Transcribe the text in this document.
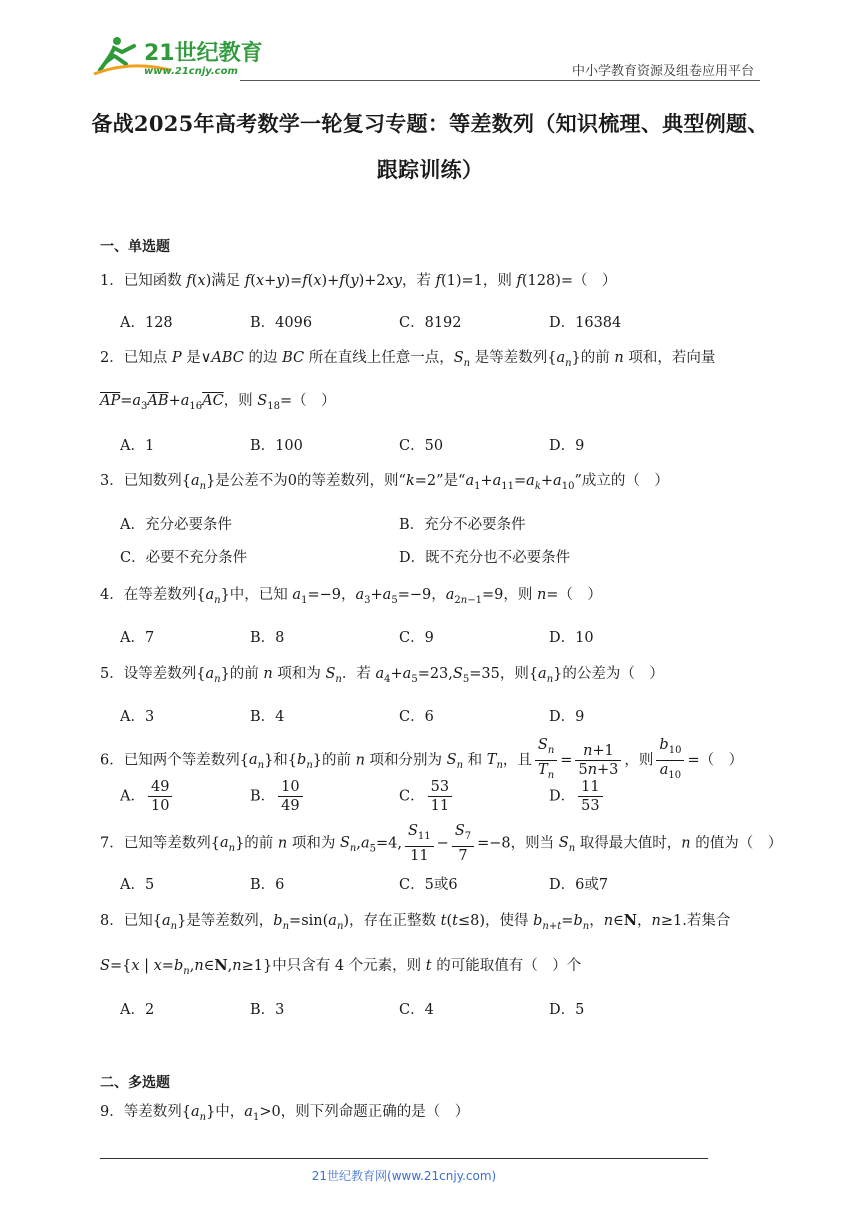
21世纪教育
www.21cnjy.com	中小学教育资源及组卷应用平台
备战2025年高考数学一轮复习专题：等差数列（知识梳理、典型例题、
跟踪训练）
一、单选题
1．已知函数 f(x)满足 f(x+y)=f(x)+f(y)+2xy，若 f(1)=1，则 f(128)=（　）
A．128	B．4096	C．8192	D．16384
2．已知点 P 是∨ABC 的边 BC 所在直线上任意一点，$S_n$ 是等差数列$\{a_n\}$的前 n 项和，若向量
$\overline{AP}=a_3\overline{AB}+a_{16}\overline{AC}$，则 $S_{18}=$（　）
A．1	B．100	C．50	D．9
3．已知数列$\{a_n\}$是公差不为0的等差数列，则“k=2”是“$a_1+a_{11}=a_k+a_{10}$”成立的（　）
A．充分必要条件	B．充分不必要条件
C．必要不充分条件	D．既不充分也不必要条件
4．在等差数列$\{a_n\}$中，已知 $a_1=-9$，$a_3+a_5=-9$，$a_{2n-1}=9$，则 n=（　）
A．7	B．8	C．9	D．10
5．设等差数列$\{a_n\}$的前 n 项和为 $S_n$．若 $a_4+a_5=23,S_5=35$，则$\{a_n\}$的公差为（　）
A．3	B．4	C．6	D．9
6．已知两个等差数列$\{a_n\}$和$\{b_n\}$的前 n 项和分别为 $S_n$ 和 $T_n$，且 $\frac{S_n}{T_n} = \frac{n+1}{5n+3}$ ，则 $\frac{b_{10}}{a_{10}}$ =（　）
A． $\frac{49}{10}$	B． $\frac{10}{49}$	C． $\frac{53}{11}$	D． $\frac{11}{53}$
7．已知等差数列$\{a_n\}$的前 n 项和为 $S_n,a_5=4$, $\frac{S_{11}}{11} - \frac{S_7}{7} =-8$，则当 $S_n$ 取得最大值时，n 的值为（　）
A．5	B．6	C．5或6	D．6或7
8．已知$\{a_n\}$是等差数列，$b_n=\sin(a_n)$，存在正整数 t(t≤8)，使得 $b_{n+t}=b_n$，n∈N，n≥1.若集合
S={x | $x=b_n,n\in N,n\ge 1$}中只含有 4 个元素，则 t 的可能取值有（　）个
A．2	B．3	C．4	D．5
二、多选题
9．等差数列$\{a_n\}$中，$a_1>0$，则下列命题正确的是（　）
21世纪教育网(www.21cnjy.com)
